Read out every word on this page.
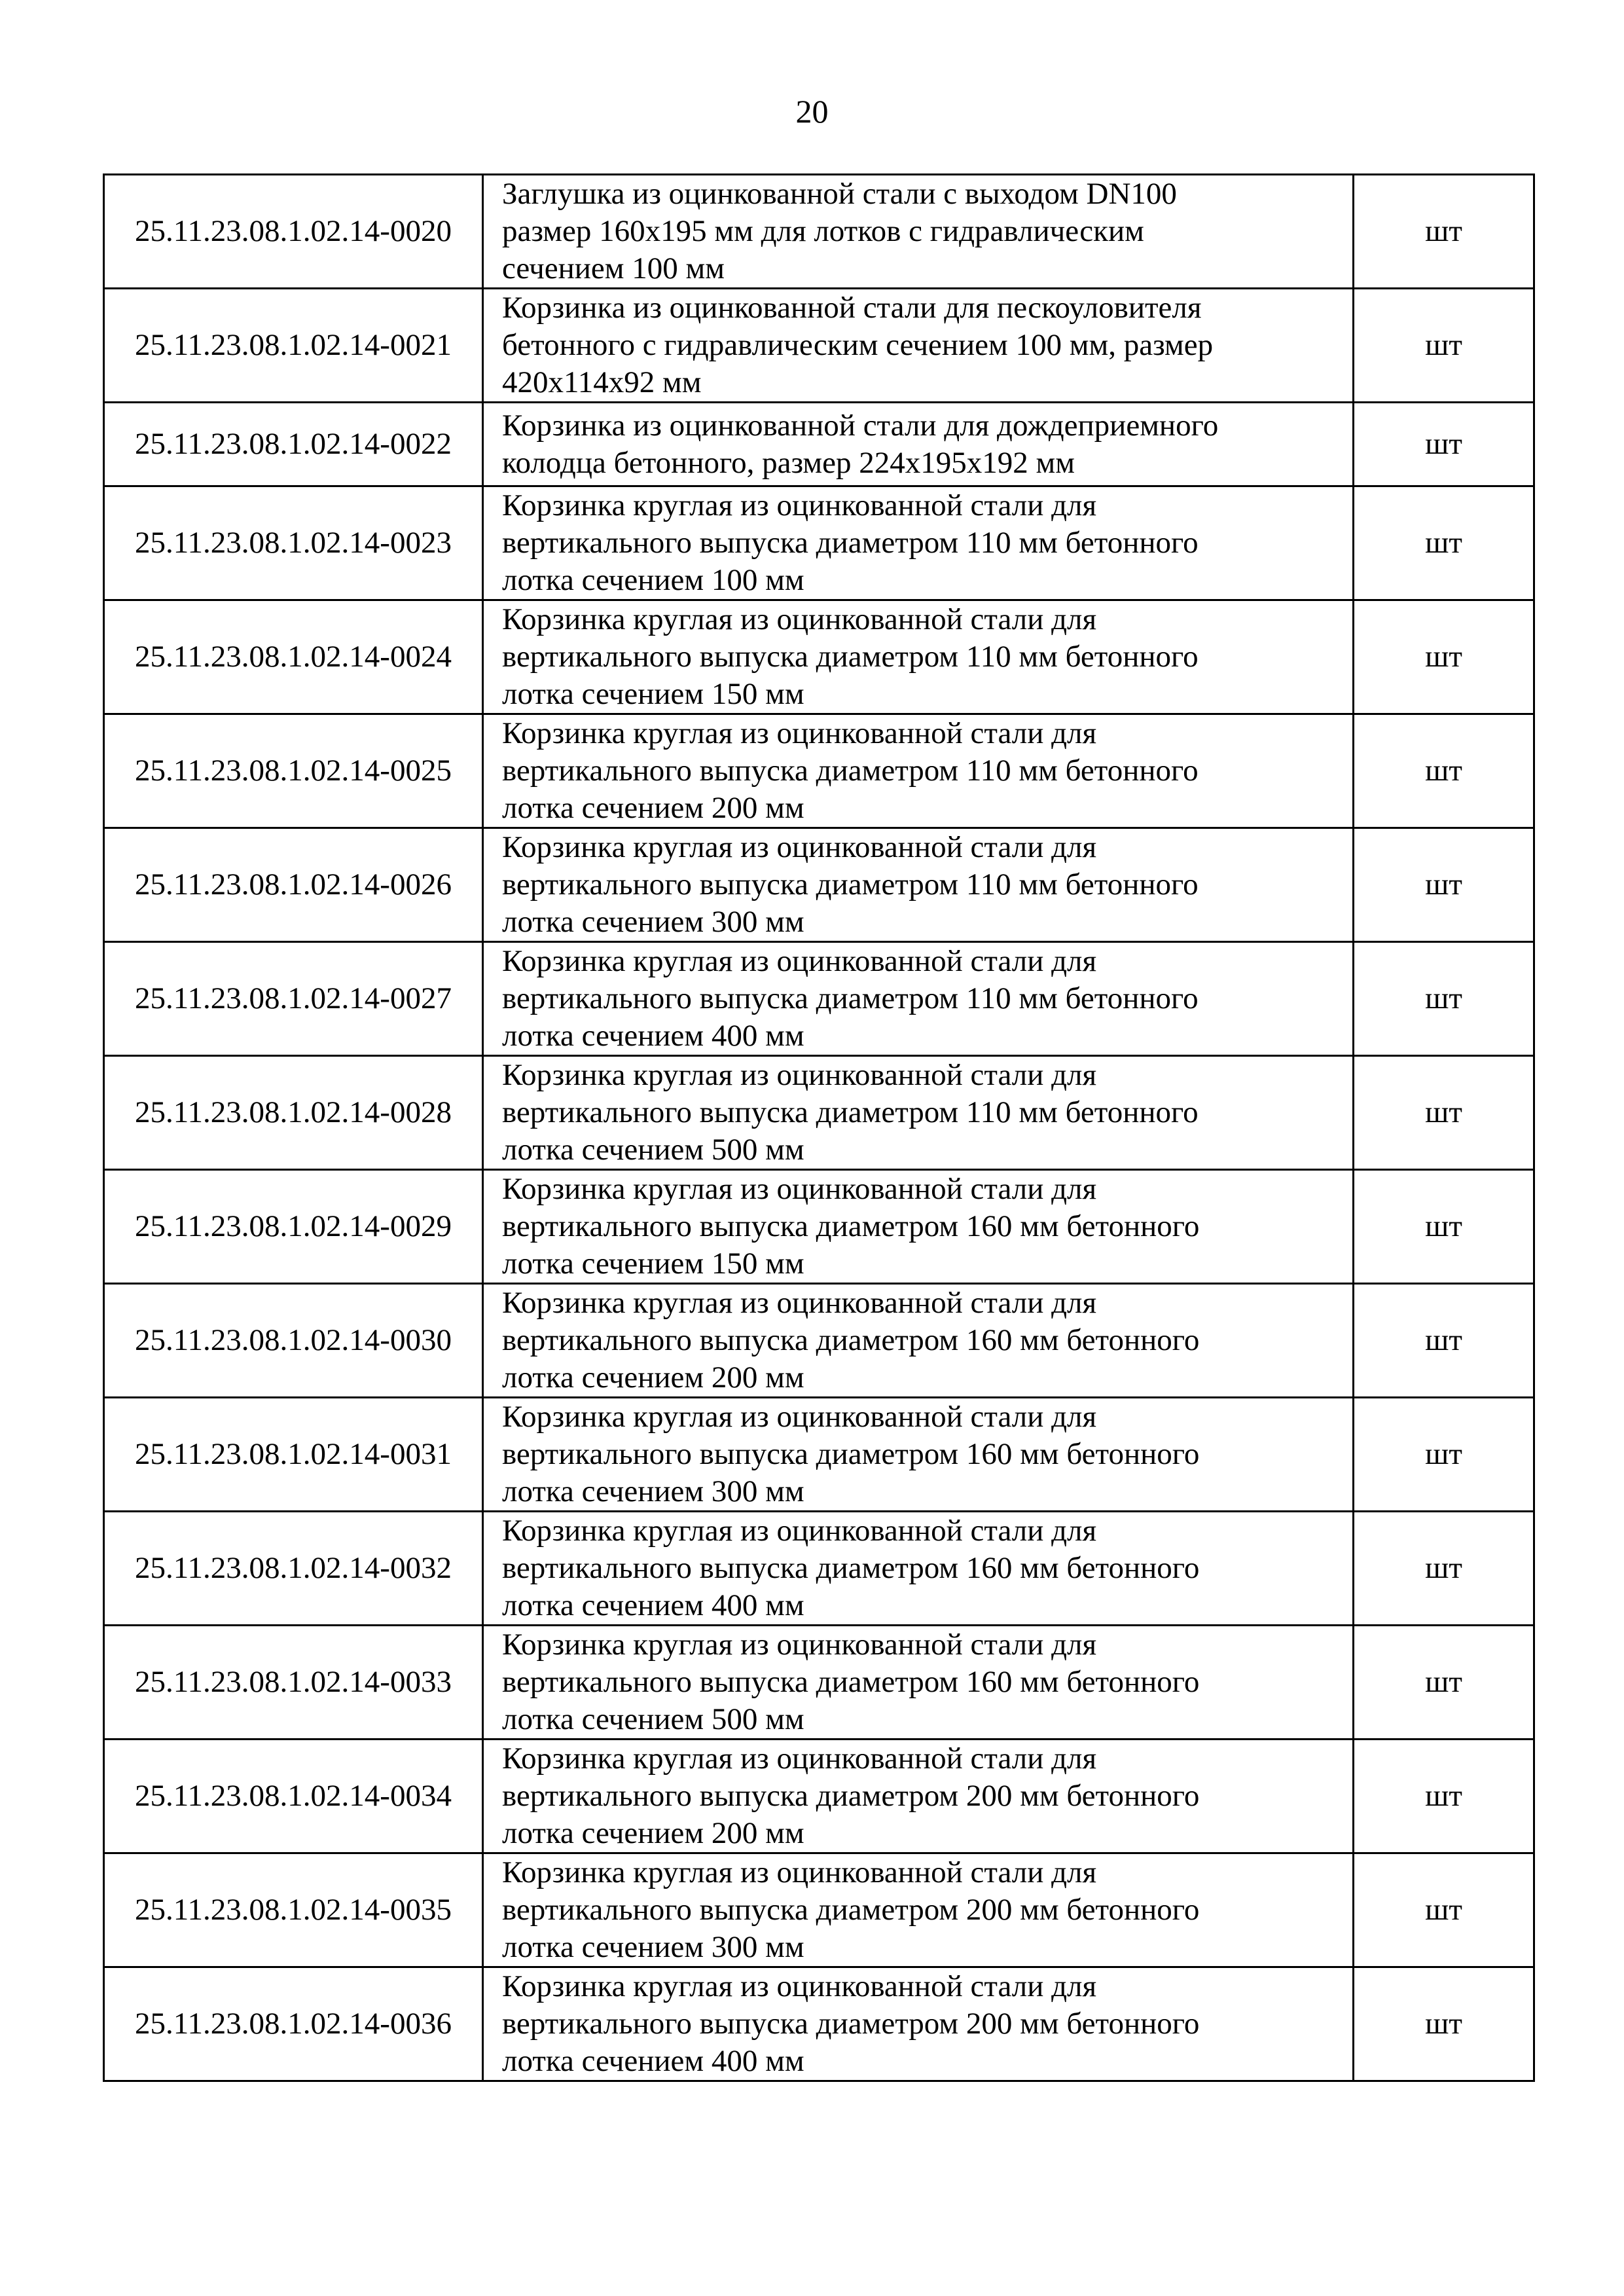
20
25.11.23.08.1.02.14-0020	Заглушка из оцинкованной стали с выходом DN100
размер 160х195 мм для лотков с гидравлическим
сечением 100 мм	шт
25.11.23.08.1.02.14-0021	Корзинка из оцинкованной стали для пескоуловителя
бетонного с гидравлическим сечением 100 мм, размер
420х114х92 мм	шт
25.11.23.08.1.02.14-0022	Корзинка из оцинкованной стали для дождеприемного
колодца бетонного, размер 224х195х192 мм	шт
25.11.23.08.1.02.14-0023	Корзинка круглая из оцинкованной стали для
вертикального выпуска диаметром 110 мм бетонного
лотка сечением 100 мм	шт
25.11.23.08.1.02.14-0024	Корзинка круглая из оцинкованной стали для
вертикального выпуска диаметром 110 мм бетонного
лотка сечением 150 мм	шт
25.11.23.08.1.02.14-0025	Корзинка круглая из оцинкованной стали для
вертикального выпуска диаметром 110 мм бетонного
лотка сечением 200 мм	шт
25.11.23.08.1.02.14-0026	Корзинка круглая из оцинкованной стали для
вертикального выпуска диаметром 110 мм бетонного
лотка сечением 300 мм	шт
25.11.23.08.1.02.14-0027	Корзинка круглая из оцинкованной стали для
вертикального выпуска диаметром 110 мм бетонного
лотка сечением 400 мм	шт
25.11.23.08.1.02.14-0028	Корзинка круглая из оцинкованной стали для
вертикального выпуска диаметром 110 мм бетонного
лотка сечением 500 мм	шт
25.11.23.08.1.02.14-0029	Корзинка круглая из оцинкованной стали для
вертикального выпуска диаметром 160 мм бетонного
лотка сечением 150 мм	шт
25.11.23.08.1.02.14-0030	Корзинка круглая из оцинкованной стали для
вертикального выпуска диаметром 160 мм бетонного
лотка сечением 200 мм	шт
25.11.23.08.1.02.14-0031	Корзинка круглая из оцинкованной стали для
вертикального выпуска диаметром 160 мм бетонного
лотка сечением 300 мм	шт
25.11.23.08.1.02.14-0032	Корзинка круглая из оцинкованной стали для
вертикального выпуска диаметром 160 мм бетонного
лотка сечением 400 мм	шт
25.11.23.08.1.02.14-0033	Корзинка круглая из оцинкованной стали для
вертикального выпуска диаметром 160 мм бетонного
лотка сечением 500 мм	шт
25.11.23.08.1.02.14-0034	Корзинка круглая из оцинкованной стали для
вертикального выпуска диаметром 200 мм бетонного
лотка сечением 200 мм	шт
25.11.23.08.1.02.14-0035	Корзинка круглая из оцинкованной стали для
вертикального выпуска диаметром 200 мм бетонного
лотка сечением 300 мм	шт
25.11.23.08.1.02.14-0036	Корзинка круглая из оцинкованной стали для
вертикального выпуска диаметром 200 мм бетонного
лотка сечением 400 мм	шт
